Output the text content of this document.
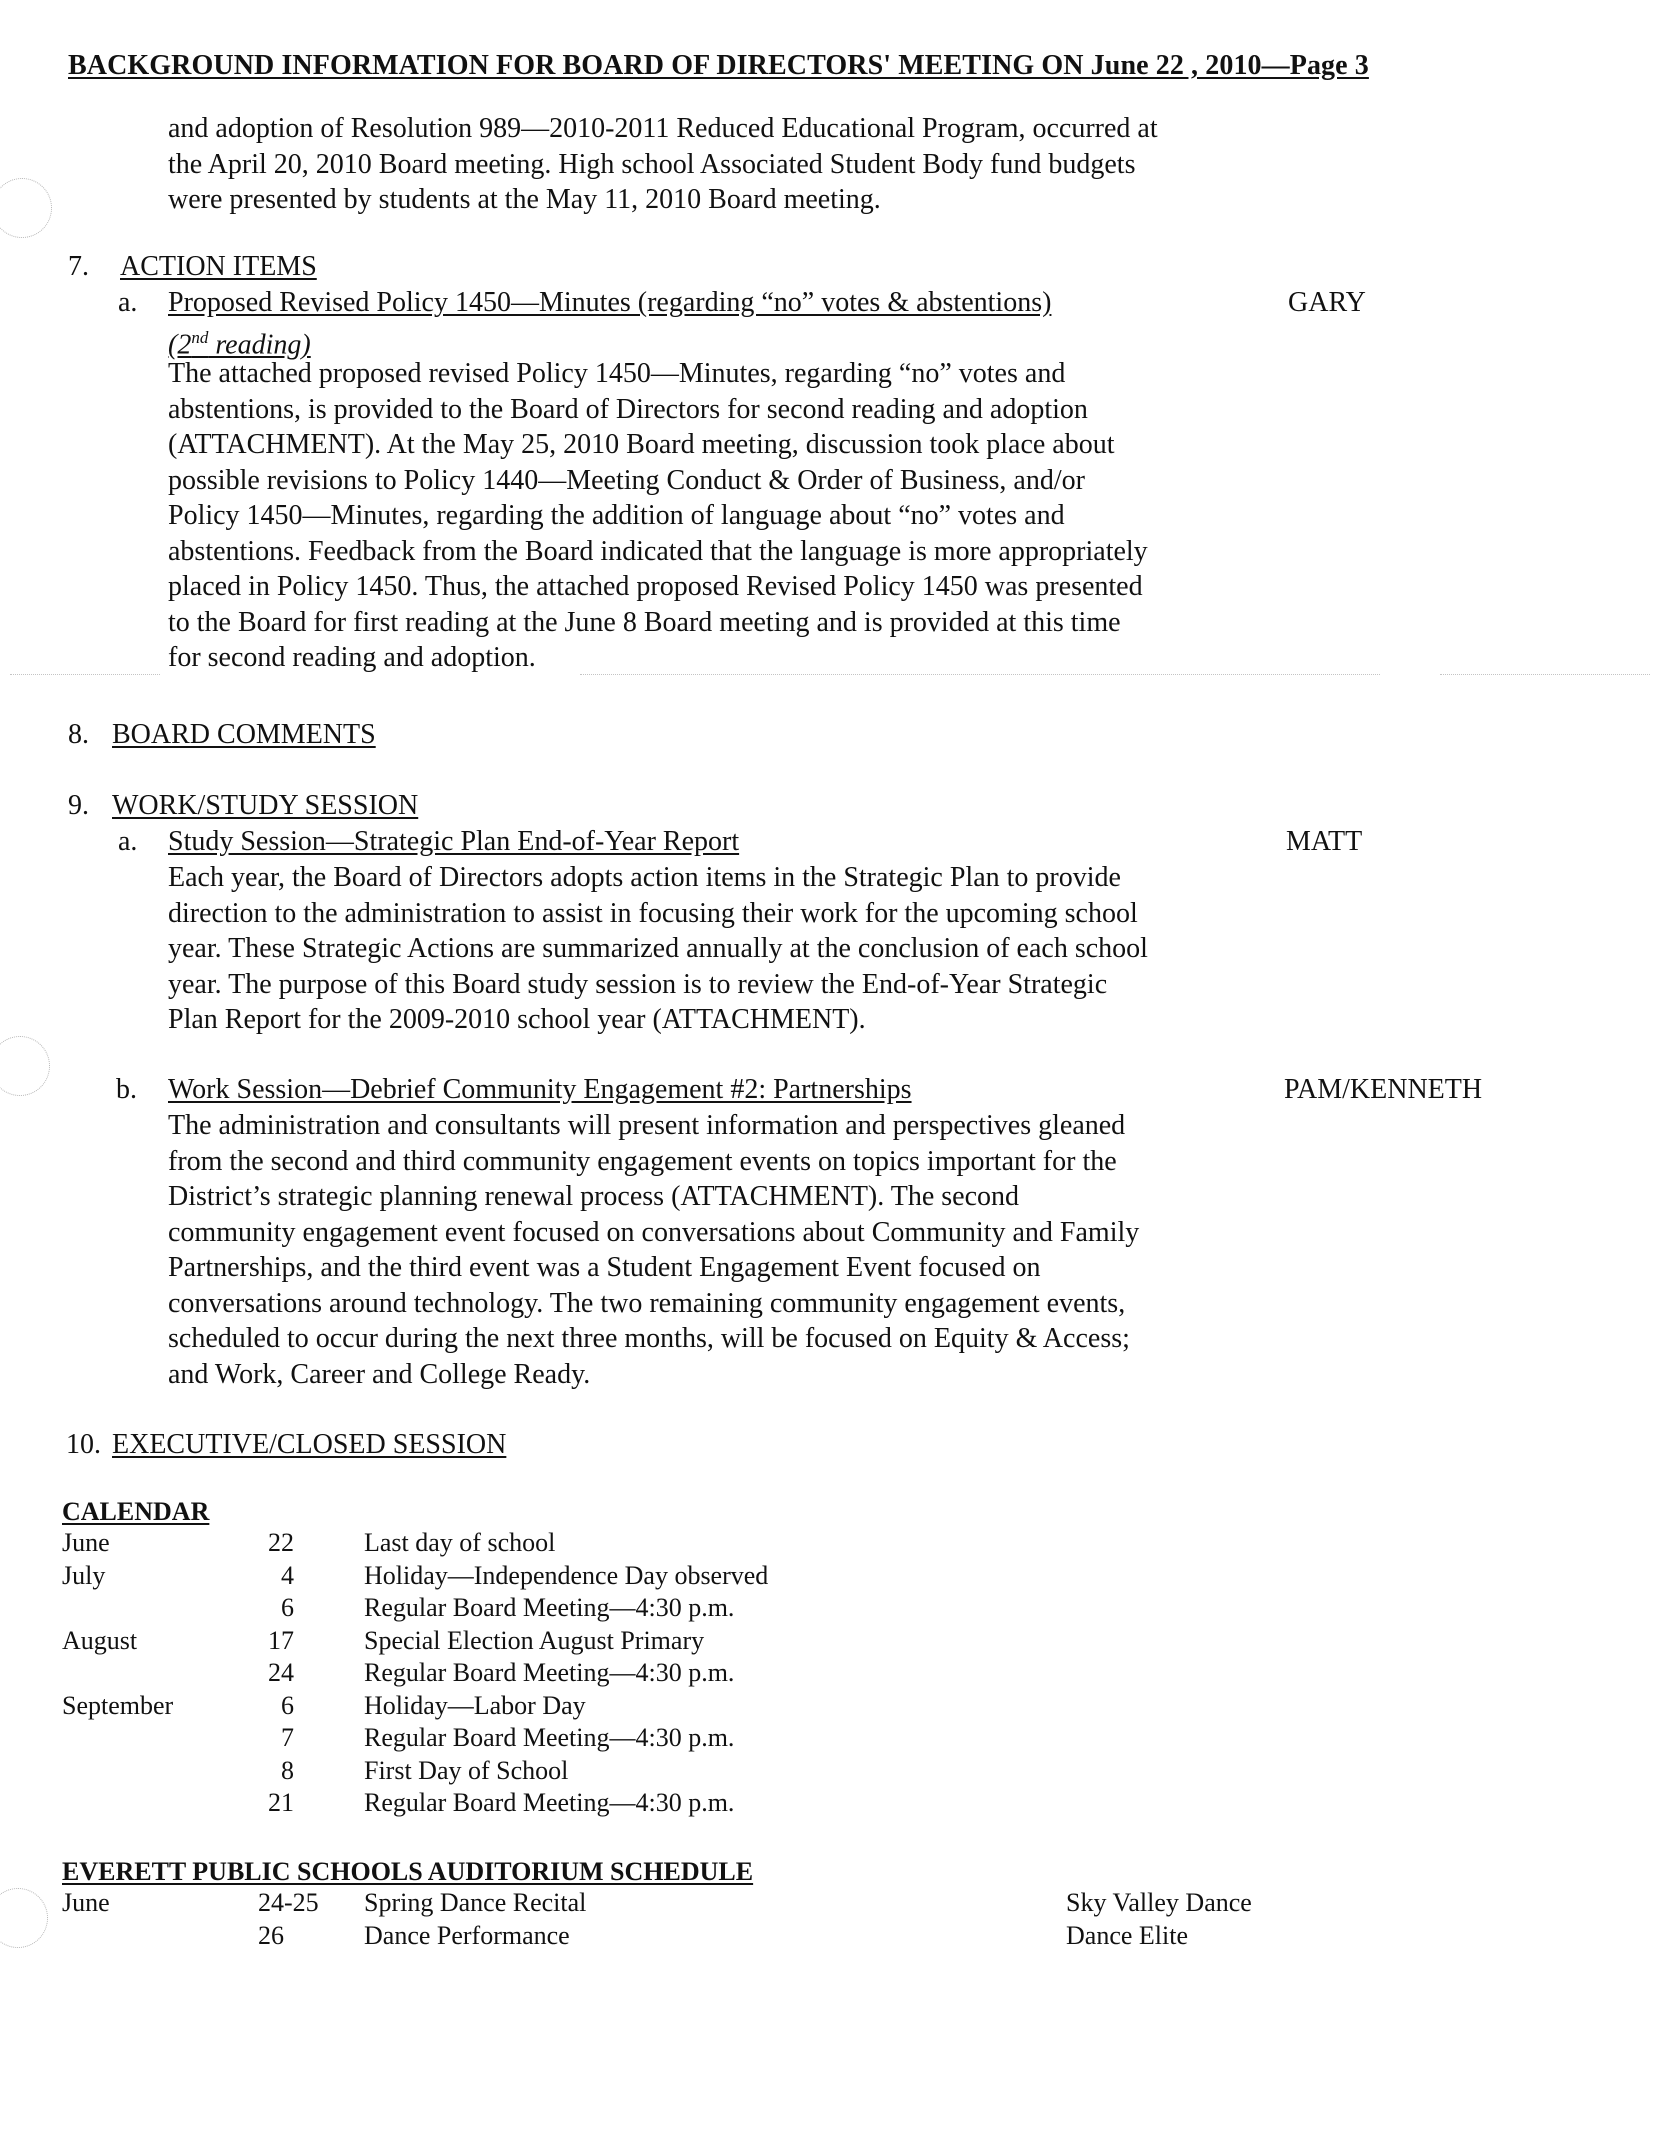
BACKGROUND INFORMATION FOR BOARD OF DIRECTORS' MEETING ON June 22 , 2010—Page 3
and adoption of Resolution 989—2010-2011 Reduced Educational Program, occurred at
the April 20, 2010 Board meeting. High school Associated Student Body fund budgets
were presented by students at the May 11, 2010 Board meeting.
7. ACTION ITEMS
a. Proposed Revised Policy 1450—Minutes (regarding “no” votes & abstentions)	GARY
(2nd reading)
The attached proposed revised Policy 1450—Minutes, regarding “no” votes and
abstentions, is provided to the Board of Directors for second reading and adoption
(ATTACHMENT). At the May 25, 2010 Board meeting, discussion took place about
possible revisions to Policy 1440—Meeting Conduct & Order of Business, and/or
Policy 1450—Minutes, regarding the addition of language about “no” votes and
abstentions. Feedback from the Board indicated that the language is more appropriately
placed in Policy 1450. Thus, the attached proposed Revised Policy 1450 was presented
to the Board for first reading at the June 8 Board meeting and is provided at this time
for second reading and adoption.
8. BOARD COMMENTS
9. WORK/STUDY SESSION
a. Study Session—Strategic Plan End-of-Year Report	MATT
Each year, the Board of Directors adopts action items in the Strategic Plan to provide
direction to the administration to assist in focusing their work for the upcoming school
year. These Strategic Actions are summarized annually at the conclusion of each school
year. The purpose of this Board study session is to review the End-of-Year Strategic
Plan Report for the 2009-2010 school year (ATTACHMENT).
b. Work Session—Debrief Community Engagement #2: Partnerships	PAM/KENNETH
The administration and consultants will present information and perspectives gleaned
from the second and third community engagement events on topics important for the
District’s strategic planning renewal process (ATTACHMENT). The second
community engagement event focused on conversations about Community and Family
Partnerships, and the third event was a Student Engagement Event focused on
conversations around technology. The two remaining community engagement events,
scheduled to occur during the next three months, will be focused on Equity & Access;
and Work, Career and College Ready.
10. EXECUTIVE/CLOSED SESSION
CALENDAR
June	22	Last day of school
July	4	Holiday—Independence Day observed
6	Regular Board Meeting—4:30 p.m.
August	17	Special Election August Primary
24	Regular Board Meeting—4:30 p.m.
September	6	Holiday—Labor Day
7	Regular Board Meeting—4:30 p.m.
8	First Day of School
21	Regular Board Meeting—4:30 p.m.
EVERETT PUBLIC SCHOOLS AUDITORIUM SCHEDULE
June	24-25 Spring Dance Recital	Sky Valley Dance
26	Dance Performance	Dance Elite
